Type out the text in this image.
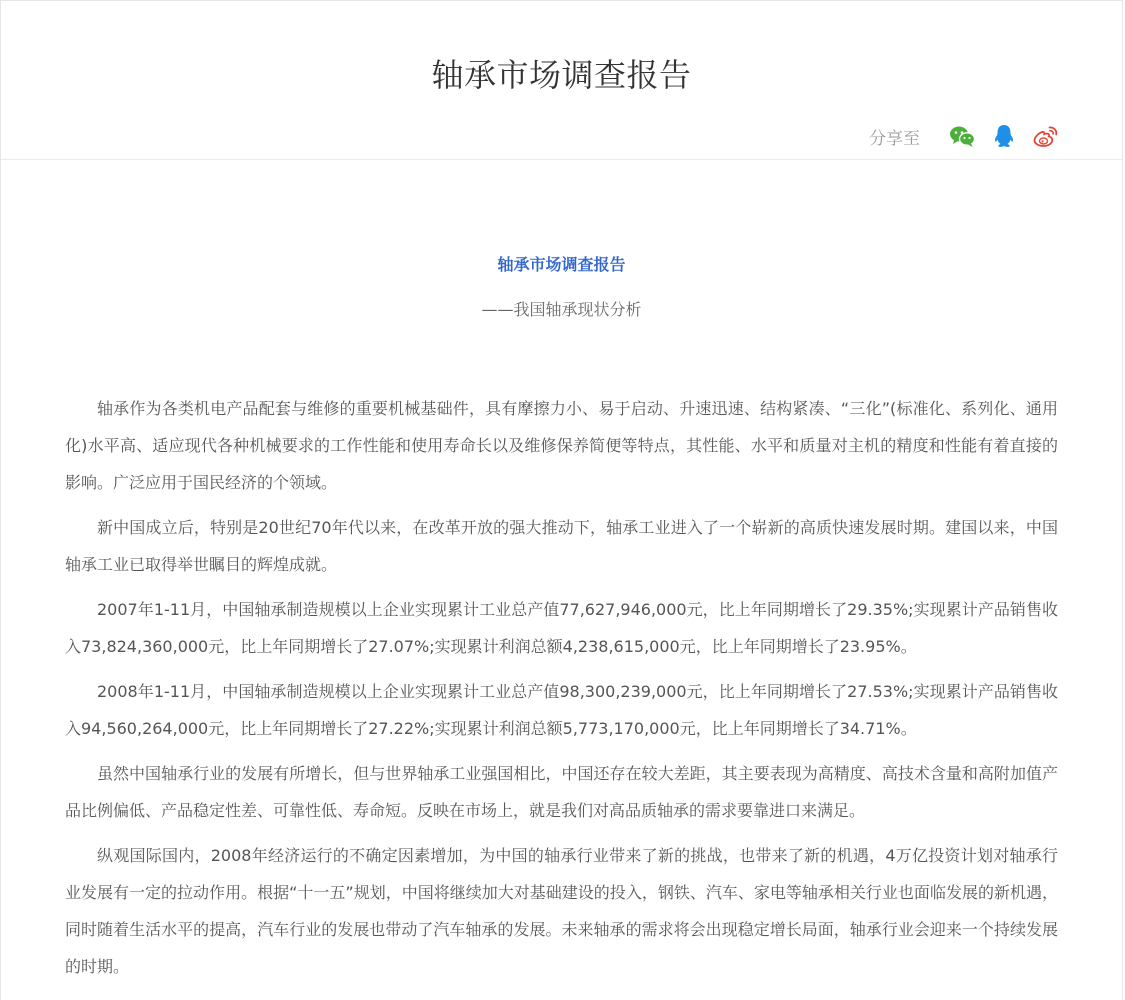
轴承市场调查报告
分享至
轴承市场调查报告
——我国轴承现状分析

轴承作为各类机电产品配套与维修的重要机械基础件，具有摩擦力小、易于启动、升速迅速、结构紧凑、“三化”(标准化、系列化、通用化)水平高、适应现代各种机械要求的工作性能和使用寿命长以及维修保养简便等特点，其性能、水平和质量对主机的精度和性能有着直接的影响。广泛应用于国民经济的个领域。

新中国成立后，特别是20世纪70年代以来，在改革开放的强大推动下，轴承工业进入了一个崭新的高质快速发展时期。建国以来，中国轴承工业已取得举世瞩目的辉煌成就。

2007年1-11月，中国轴承制造规模以上企业实现累计工业总产值77,627,946,000元，比上年同期增长了29.35%;实现累计产品销售收入73,824,360,000元，比上年同期增长了27.07%;实现累计利润总额4,238,615,000元，比上年同期增长了23.95%。

2008年1-11月，中国轴承制造规模以上企业实现累计工业总产值98,300,239,000元，比上年同期增长了27.53%;实现累计产品销售收入94,560,264,000元，比上年同期增长了27.22%;实现累计利润总额5,773,170,000元，比上年同期增长了34.71%。

虽然中国轴承行业的发展有所增长，但与世界轴承工业强国相比，中国还存在较大差距，其主要表现为高精度、高技术含量和高附加值产品比例偏低、产品稳定性差、可靠性低、寿命短。反映在市场上，就是我们对高品质轴承的需求要靠进口来满足。

纵观国际国内，2008年经济运行的不确定因素增加，为中国的轴承行业带来了新的挑战，也带来了新的机遇，4万亿投资计划对轴承行业发展有一定的拉动作用。根据“十一五”规划，中国将继续加大对基础建设的投入，钢铁、汽车、家电等轴承相关行业也面临发展的新机遇，同时随着生活水平的提高，汽车行业的发展也带动了汽车轴承的发展。未来轴承的需求将会出现稳定增长局面，轴承行业会迎来一个持续发展的时期。
